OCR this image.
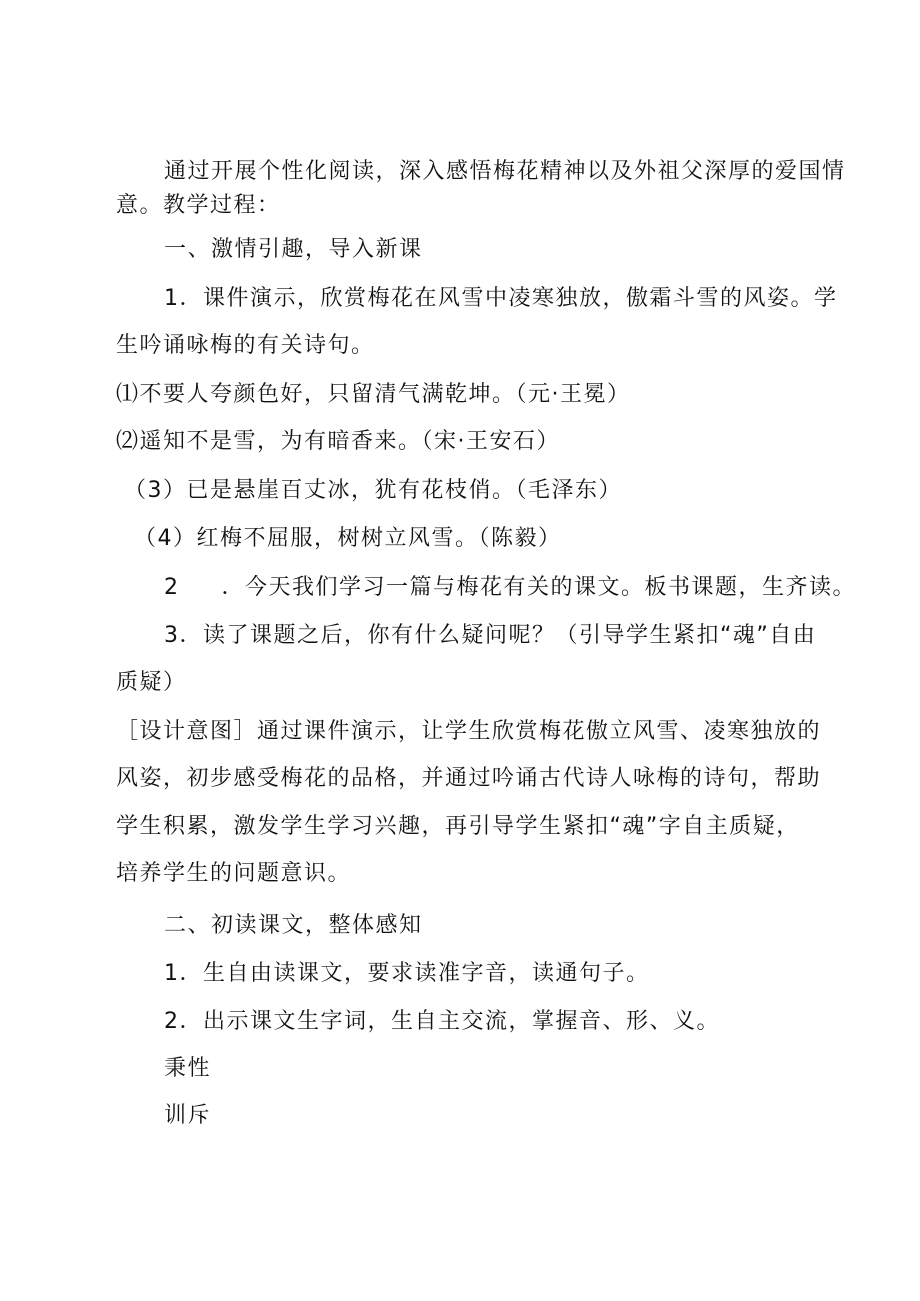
通过开展个性化阅读，深入感悟梅花精神以及外祖父深厚的爱国情
意。教学过程：
一、激情引趣，导入新课
1．课件演示，欣赏梅花在风雪中凌寒独放，傲霜斗雪的风姿。学
生吟诵咏梅的有关诗句。
⑴不要人夸颜色好，只留清气满乾坤。（元·王冕）
⑵遥知不是雪，为有暗香来。（宋·王安石）
（3）已是悬崖百丈冰，犹有花枝俏。（毛泽东）
（4）红梅不屈服，树树立风雪。（陈毅）
2 ．今天我们学习一篇与梅花有关的课文。板书课题，生齐读。
3．读了课题之后，你有什么疑问呢？（引导学生紧扣“魂”自由
质疑）
［设计意图］通过课件演示，让学生欣赏梅花傲立风雪、凌寒独放的
风姿，初步感受梅花的品格，并通过吟诵古代诗人咏梅的诗句，帮助
学生积累，激发学生学习兴趣，再引导学生紧扣“魂”字自主质疑，
培养学生的问题意识。
二、初读课文，整体感知
1．生自由读课文，要求读准字音，读通句子。
2．出示课文生字词，生自主交流，掌握音、形、义。
秉性
训斥
